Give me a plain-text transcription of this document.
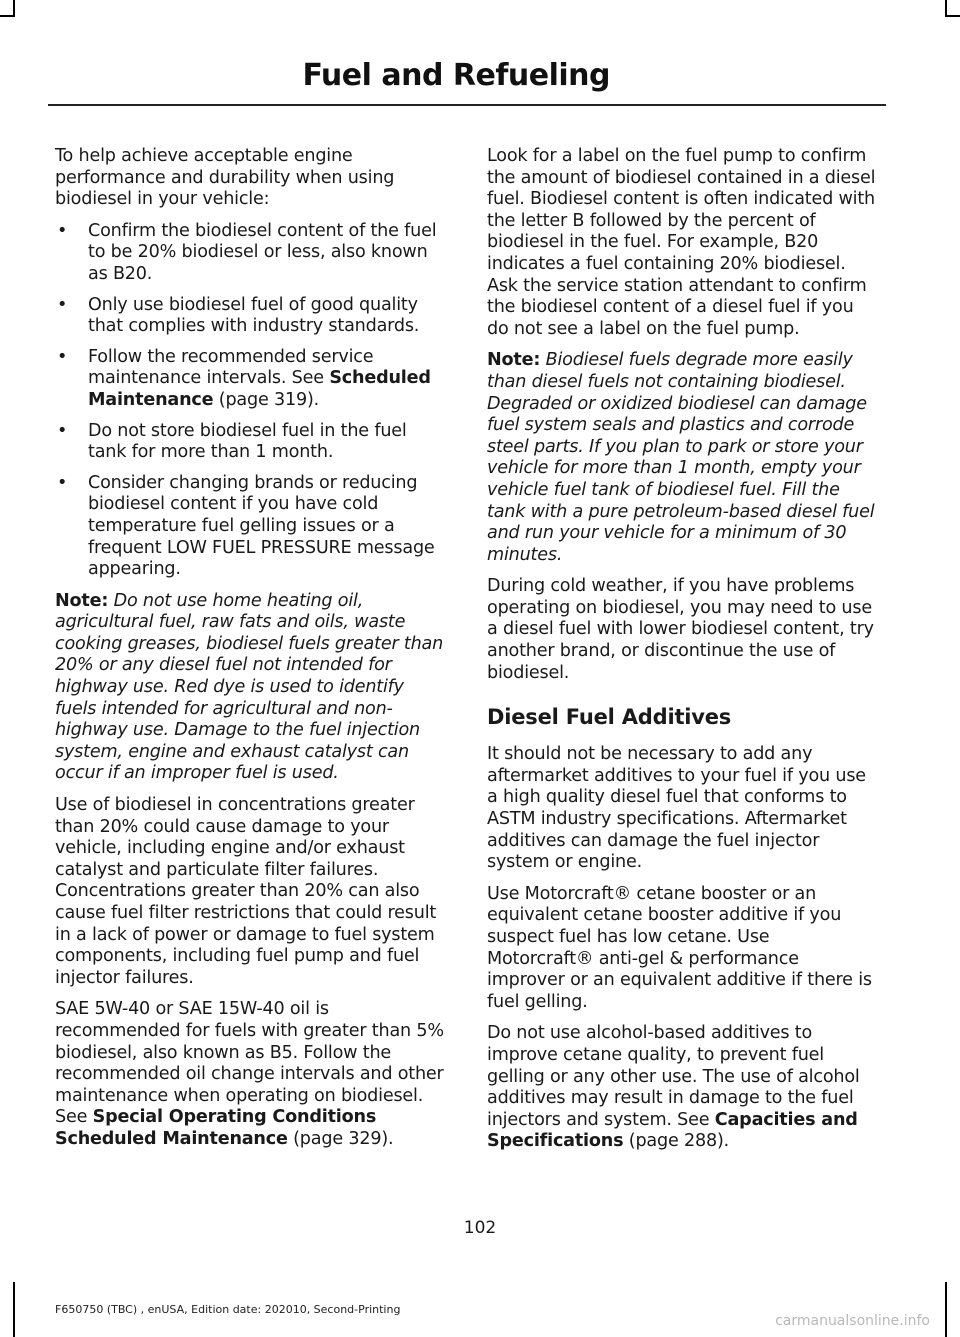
Fuel and Refueling

To help achieve acceptable engine performance and durability when using biodiesel in your vehicle:

• Confirm the biodiesel content of the fuel to be 20% biodiesel or less, also known as B20.
• Only use biodiesel fuel of good quality that complies with industry standards.
• Follow the recommended service maintenance intervals. See Scheduled Maintenance (page 319).
• Do not store biodiesel fuel in the fuel tank for more than 1 month.
• Consider changing brands or reducing biodiesel content if you have cold temperature fuel gelling issues or a frequent LOW FUEL PRESSURE message appearing.

Note: Do not use home heating oil, agricultural fuel, raw fats and oils, waste cooking greases, biodiesel fuels greater than 20% or any diesel fuel not intended for highway use. Red dye is used to identify fuels intended for agricultural and non-highway use. Damage to the fuel injection system, engine and exhaust catalyst can occur if an improper fuel is used.

Use of biodiesel in concentrations greater than 20% could cause damage to your vehicle, including engine and/or exhaust catalyst and particulate filter failures. Concentrations greater than 20% can also cause fuel filter restrictions that could result in a lack of power or damage to fuel system components, including fuel pump and fuel injector failures.

SAE 5W-40 or SAE 15W-40 oil is recommended for fuels with greater than 5% biodiesel, also known as B5. Follow the recommended oil change intervals and other maintenance when operating on biodiesel. See Special Operating Conditions Scheduled Maintenance (page 329).

Look for a label on the fuel pump to confirm the amount of biodiesel contained in a diesel fuel. Biodiesel content is often indicated with the letter B followed by the percent of biodiesel in the fuel. For example, B20 indicates a fuel containing 20% biodiesel. Ask the service station attendant to confirm the biodiesel content of a diesel fuel if you do not see a label on the fuel pump.

Note: Biodiesel fuels degrade more easily than diesel fuels not containing biodiesel. Degraded or oxidized biodiesel can damage fuel system seals and plastics and corrode steel parts. If you plan to park or store your vehicle for more than 1 month, empty your vehicle fuel tank of biodiesel fuel. Fill the tank with a pure petroleum-based diesel fuel and run your vehicle for a minimum of 30 minutes.

During cold weather, if you have problems operating on biodiesel, you may need to use a diesel fuel with lower biodiesel content, try another brand, or discontinue the use of biodiesel.

Diesel Fuel Additives

It should not be necessary to add any aftermarket additives to your fuel if you use a high quality diesel fuel that conforms to ASTM industry specifications. Aftermarket additives can damage the fuel injector system or engine.

Use Motorcraft® cetane booster or an equivalent cetane booster additive if you suspect fuel has low cetane. Use Motorcraft® anti-gel & performance improver or an equivalent additive if there is fuel gelling.

Do not use alcohol-based additives to improve cetane quality, to prevent fuel gelling or any other use. The use of alcohol additives may result in damage to the fuel injectors and system. See Capacities and Specifications (page 288).

102
F650750 (TBC) , enUSA, Edition date: 202010, Second-Printing
carmanualsonline.info
